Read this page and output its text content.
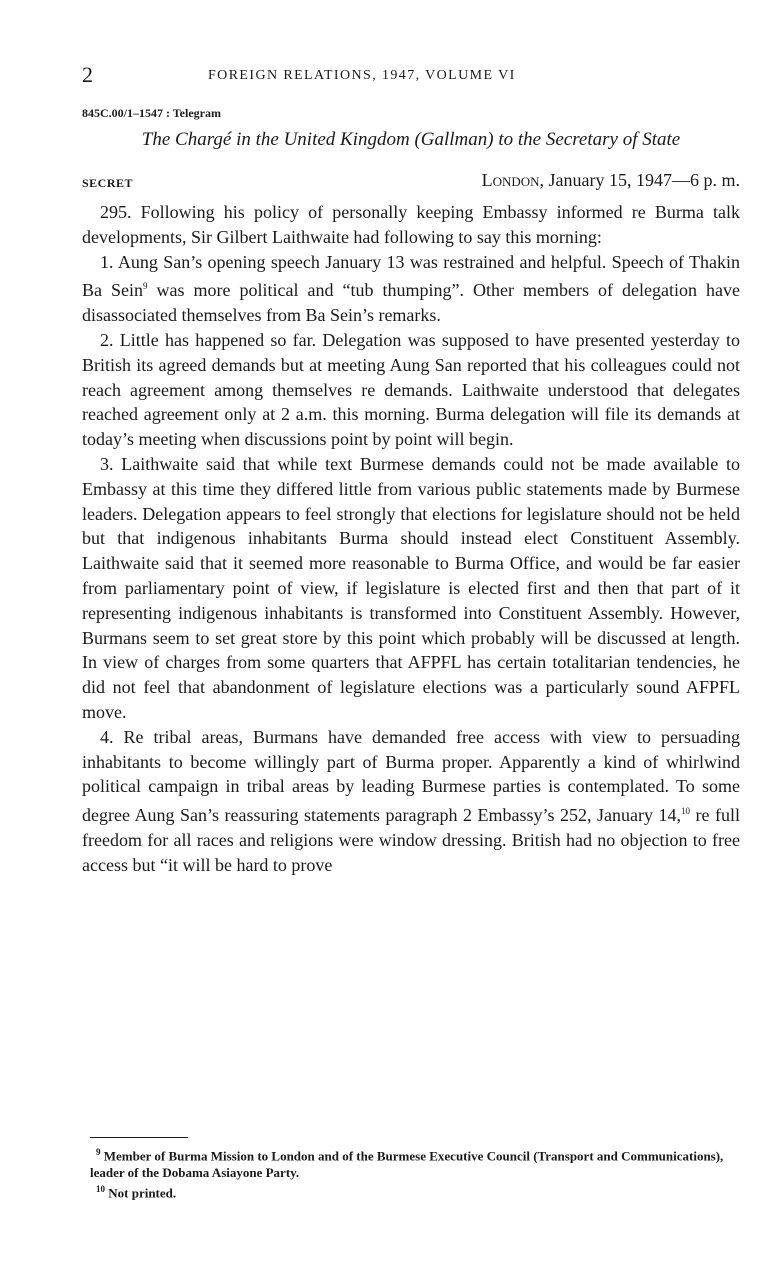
2	FOREIGN RELATIONS, 1947, VOLUME VI
845C.00/1–1547 : Telegram
The Chargé in the United Kingdom (Gallman) to the Secretary of State
SECRET	London, January 15, 1947—6 p. m.

295. Following his policy of personally keeping Embassy informed re Burma talk developments, Sir Gilbert Laithwaite had following to say this morning:

1. Aung San’s opening speech January 13 was restrained and helpful. Speech of Thakin Ba Sein$^9$ was more political and “tub thumping”. Other members of delegation have disassociated themselves from Ba Sein’s remarks.

2. Little has happened so far. Delegation was supposed to have presented yesterday to British its agreed demands but at meeting Aung San reported that his colleagues could not reach agreement among themselves re demands. Laithwaite understood that delegates reached agreement only at 2 a.m. this morning. Burma delegation will file its demands at today’s meeting when discussions point by point will begin.

3. Laithwaite said that while text Burmese demands could not be made available to Embassy at this time they differed little from various public statements made by Burmese leaders. Delegation appears to feel strongly that elections for legislature should not be held but that indigenous inhabitants Burma should instead elect Constituent Assembly. Laithwaite said that it seemed more reasonable to Burma Office, and would be far easier from parliamentary point of view, if legislature is elected first and then that part of it representing indigenous inhabitants is transformed into Constituent Assembly. However, Burmans seem to set great store by this point which probably will be discussed at length. In view of charges from some quarters that AFPFL has certain totalitarian tendencies, he did not feel that abandonment of legislature elections was a particularly sound AFPFL move.

4. Re tribal areas, Burmans have demanded free access with view to persuading inhabitants to become willingly part of Burma proper. Apparently a kind of whirlwind political campaign in tribal areas by leading Burmese parties is contemplated. To some degree Aung San’s reassuring statements paragraph 2 Embassy’s 252, January 14,10 re full freedom for all races and religions were window dressing. British had no objection to free access but “it will be hard to prove

$^9$ Member of Burma Mission to London and of the Burmese Executive Council (Transport and Communications), leader of the Dobama Asiayone Party.

$^{10}$ Not printed.
